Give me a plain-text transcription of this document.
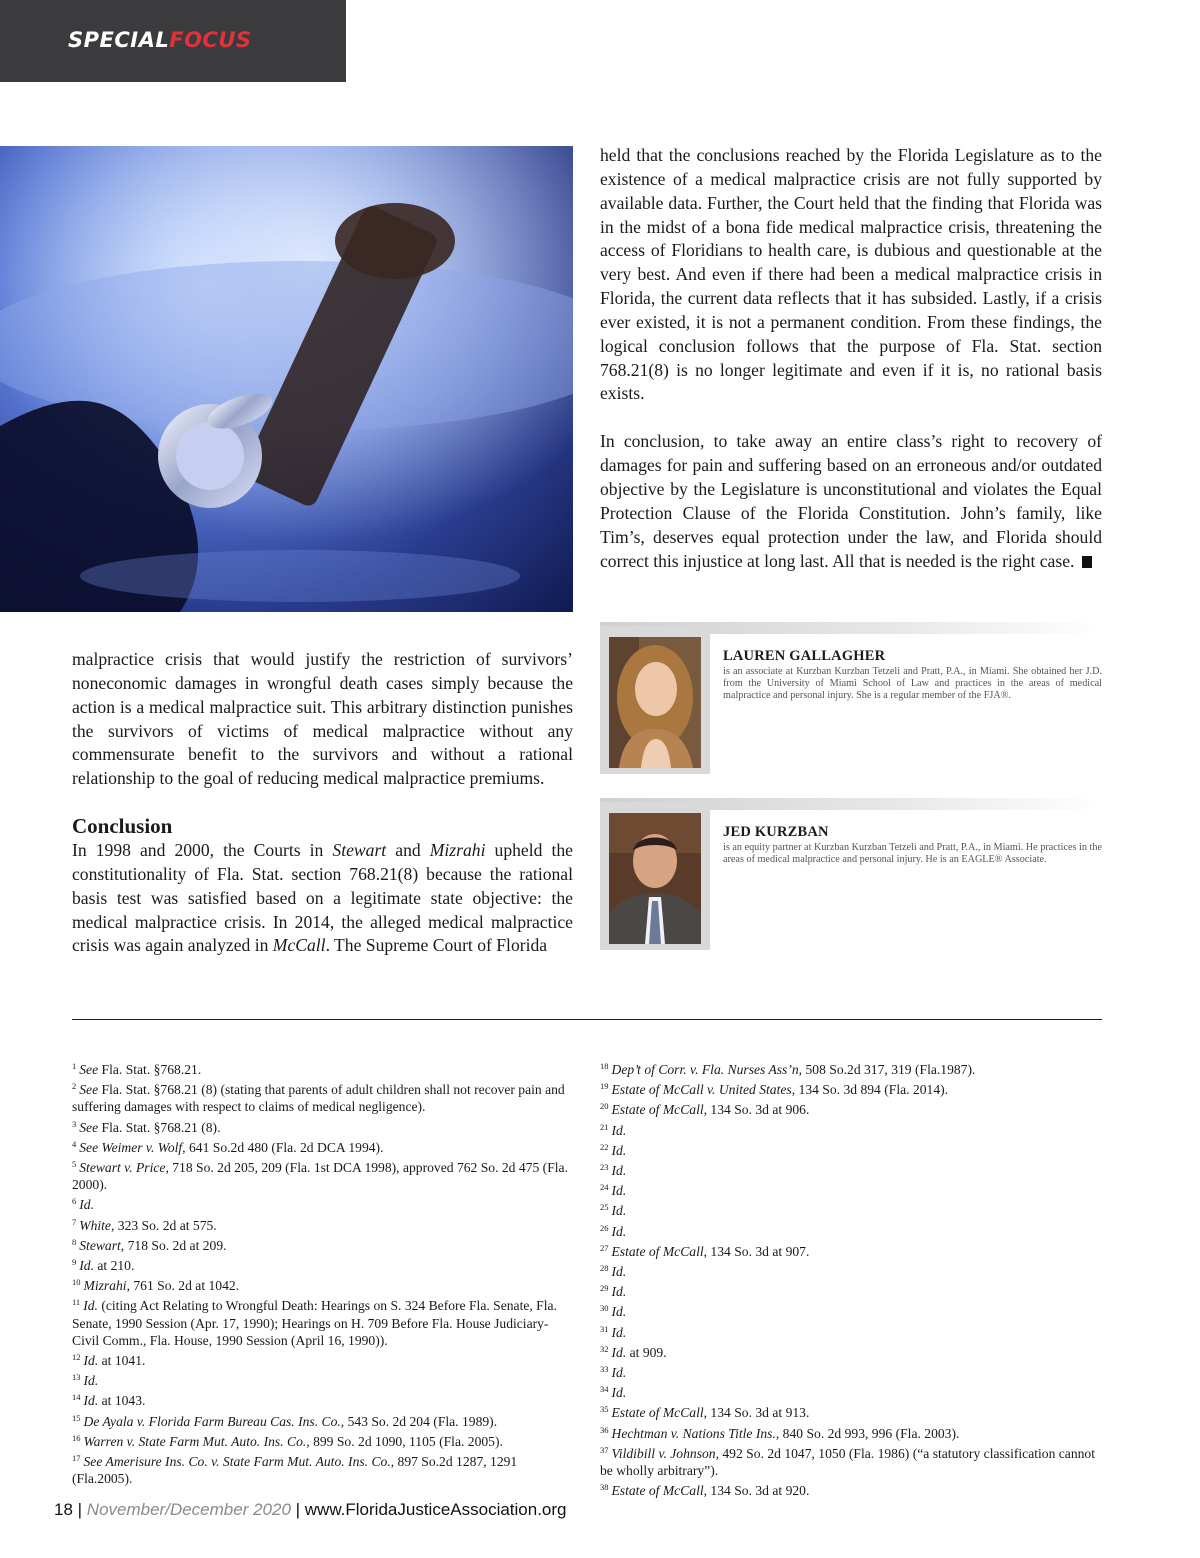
SPECIALFOCUS

held that the conclusions reached by the Florida Legislature as to the existence of a medical malpractice crisis are not fully supported by available data. Further, the Court held that the finding that Florida was in the midst of a bona fide medical malpractice crisis, threatening the access of Floridians to health care, is dubious and questionable at the very best. And even if there had been a medical malpractice crisis in Florida, the current data reflects that it has subsided. Lastly, if a crisis ever existed, it is not a permanent condition. From these findings, the logical conclusion follows that the purpose of Fla. Stat. section 768.21(8) is no longer legitimate and even if it is, no rational basis exists.

In conclusion, to take away an entire class’s right to recovery of damages for pain and suffering based on an erroneous and/or outdated objective by the Legislature is unconstitutional and violates the Equal Protection Clause of the Florida Constitution. John’s family, like Tim’s, deserves equal protection under the law, and Florida should correct this injustice at long last. All that is needed is the right case.

malpractice crisis that would justify the restriction of survivors’ noneconomic damages in wrongful death cases simply because the action is a medical malpractice suit. This arbitrary distinction punishes the survivors of victims of medical malpractice without any commensurate benefit to the survivors and without a rational relationship to the goal of reducing medical malpractice premiums.

Conclusion

In 1998 and 2000, the Courts in Stewart and Mizrahi upheld the constitutionality of Fla. Stat. section 768.21(8) because the rational basis test was satisfied based on a legitimate state objective: the medical malpractice crisis. In 2014, the alleged medical malpractice crisis was again analyzed in McCall. The Supreme Court of Florida

LAUREN GALLAGHER
is an associate at Kurzban Kurzban Tetzeli and Pratt, P.A., in Miami. She obtained her J.D. from the University of Miami School of Law and practices in the areas of medical malpractice and personal injury. She is a regular member of the FJA®.
JED KURZBAN
is an equity partner at Kurzban Kurzban Tetzeli and Pratt, P.A., in Miami. He practices in the areas of medical malpractice and personal injury. He is an EAGLE® Associate.

$^1$ See Fla. Stat. §768.21.

$^2$ See Fla. Stat. §768.21 (8) (stating that parents of adult children shall not recover pain and suffering damages with respect to claims of medical negligence).

$^3$ See Fla. Stat. §768.21 (8).

$^4$ See Weimer v. Wolf, 641 So.2d 480 (Fla. 2d DCA 1994).

$^5$ Stewart v. Price, 718 So. 2d 205, 209 (Fla. 1st DCA 1998), approved 762 So. 2d 475 (Fla. 2000).

$^6$ Id.

$^7$ White, 323 So. 2d at 575.

$^8$ Stewart, 718 So. 2d at 209.

$^9$ Id. at 210.

$^{10}$ Mizrahi, 761 So. 2d at 1042.

$^{11}$ Id. (citing Act Relating to Wrongful Death: Hearings on S. 324 Before Fla. Senate, Fla. Senate, 1990 Session (Apr. 17, 1990); Hearings on H. 709 Before Fla. House Judiciary-Civil Comm., Fla. House, 1990 Session (April 16, 1990)).

$^{12}$ Id. at 1041.

$^{13}$ Id.

$^{14}$ Id. at 1043.

$^{15}$ De Ayala v. Florida Farm Bureau Cas. Ins. Co., 543 So. 2d 204 (Fla. 1989).

$^{16}$ Warren v. State Farm Mut. Auto. Ins. Co., 899 So. 2d 1090, 1105 (Fla. 2005).

$^{17}$ See Amerisure Ins. Co. v. State Farm Mut. Auto. Ins. Co., 897 So.2d 1287, 1291 (Fla.2005).

$^{18}$ Dep’t of Corr. v. Fla. Nurses Ass’n, 508 So.2d 317, 319 (Fla.1987).

$^{19}$ Estate of McCall v. United States, 134 So. 3d 894 (Fla. 2014).

$^{20}$ Estate of McCall, 134 So. 3d at 906.

$^{21}$ Id.

$^{22}$ Id.

$^{23}$ Id.

$^{24}$ Id.

$^{25}$ Id.

$^{26}$ Id.

$^{27}$ Estate of McCall, 134 So. 3d at 907.

$^{28}$ Id.

$^{29}$ Id.

$^{30}$ Id.

$^{31}$ Id.

$^{32}$ Id. at 909.

$^{33}$ Id.

$^{34}$ Id.

$^{35}$ Estate of McCall, 134 So. 3d at 913.

$^{36}$ Hechtman v. Nations Title Ins., 840 So. 2d 993, 996 (Fla. 2003).

$^{37}$ Vildibill v. Johnson, 492 So. 2d 1047, 1050 (Fla. 1986) (“a statutory classification cannot be wholly arbitrary”).

$^{38}$ Estate of McCall, 134 So. 3d at 920.

18 | November/December 2020 | www.FloridaJusticeAssociation.org
